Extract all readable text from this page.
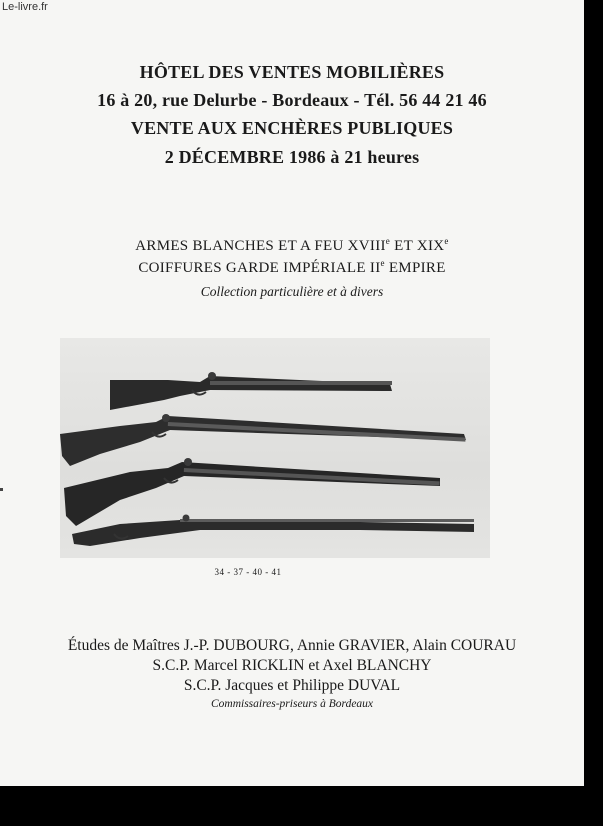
Le-livre.fr
HÔTEL DES VENTES MOBILIÈRES
16 à 20, rue Delurbe - Bordeaux - Tél. 56 44 21 46
VENTE AUX ENCHÈRES PUBLIQUES
2 DÉCEMBRE 1986 à 21 heures
ARMES BLANCHES ET A FEU XVIIIe ET XIXe
COIFFURES GARDE IMPÉRIALE IIe EMPIRE
Collection particulière et à divers
34 - 37 - 40 - 41
Études de Maîtres J.-P. DUBOURG, Annie GRAVIER, Alain COURAU
S.C.P. Marcel RICKLIN et Axel BLANCHY
S.C.P. Jacques et Philippe DUVAL
Commissaires-priseurs à Bordeaux
